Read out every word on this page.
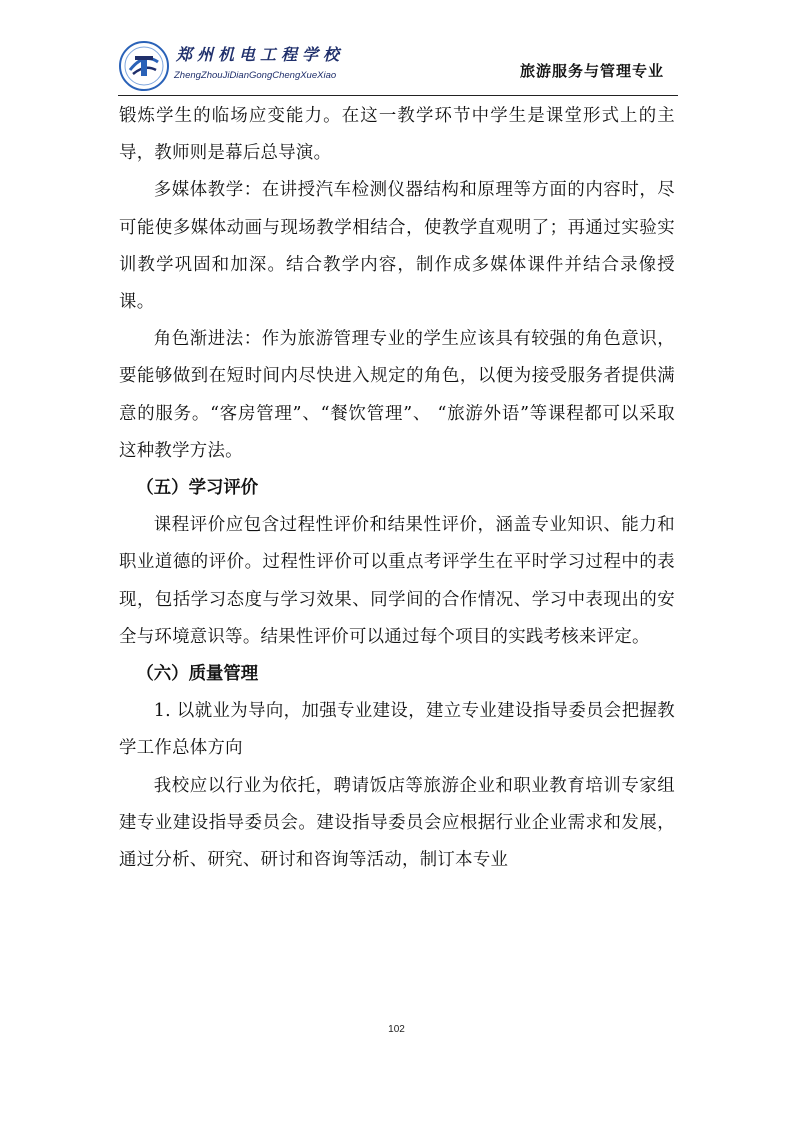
郑州机电工程学校
ZhengZhouJiDianGongChengXueXiao	旅游服务与管理专业

锻炼学生的临场应变能力。在这一教学环节中学生是课堂形式上的主导，教师则是幕后总导演。

多媒体教学：在讲授汽车检测仪器结构和原理等方面的内容时，尽可能使多媒体动画与现场教学相结合，使教学直观明了；再通过实验实训教学巩固和加深。结合教学内容，制作成多媒体课件并结合录像授课。

角色渐进法：作为旅游管理专业的学生应该具有较强的角色意识，要能够做到在短时间内尽快进入规定的角色，以便为接受服务者提供满意的服务。“客房管理”、“餐饮管理”、 “旅游外语”等课程都可以采取这种教学方法。

（五）学习评价

课程评价应包含过程性评价和结果性评价，涵盖专业知识、能力和职业道德的评价。过程性评价可以重点考评学生在平时学习过程中的表现，包括学习态度与学习效果、同学间的合作情况、学习中表现出的安全与环境意识等。结果性评价可以通过每个项目的实践考核来评定。

（六）质量管理

1. 以就业为导向，加强专业建设，建立专业建设指导委员会把握教学工作总体方向

我校应以行业为依托，聘请饭店等旅游企业和职业教育培训专家组建专业建设指导委员会。建设指导委员会应根据行业企业需求和发展，通过分析、研究、研讨和咨询等活动，制订本专业

102
